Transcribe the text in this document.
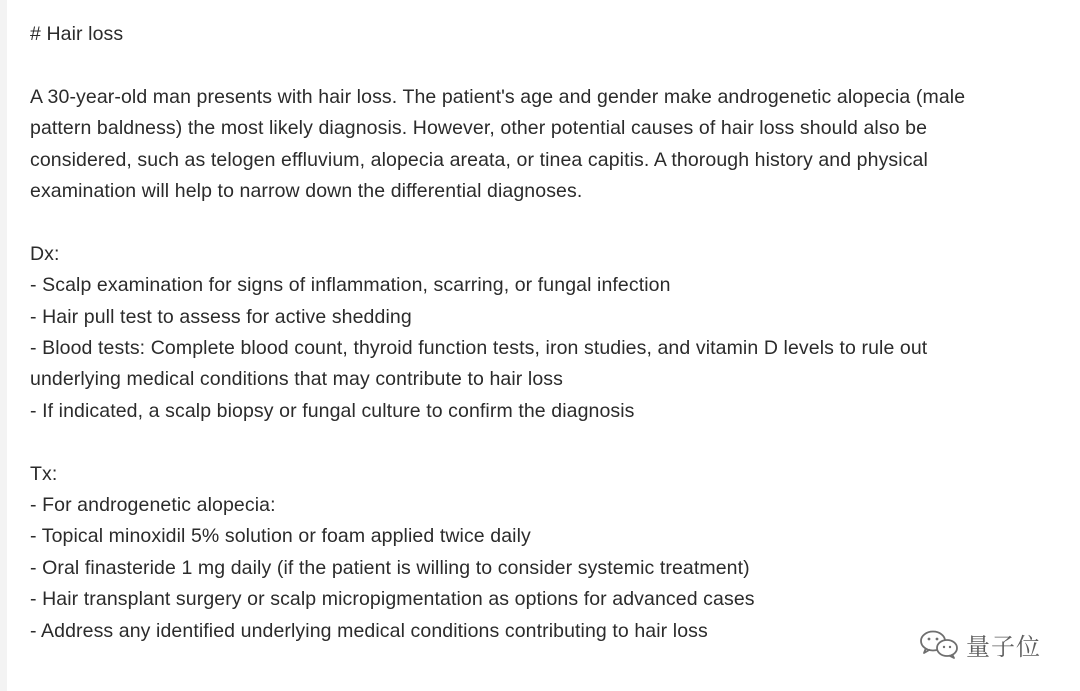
# Hair loss
A 30-year-old man presents with hair loss. The patient's age and gender make androgenetic alopecia (male
pattern baldness) the most likely diagnosis. However, other potential causes of hair loss should also be
considered, such as telogen effluvium, alopecia areata, or tinea capitis. A thorough history and physical
examination will help to narrow down the differential diagnoses.
Dx:
- Scalp examination for signs of inflammation, scarring, or fungal infection
- Hair pull test to assess for active shedding
- Blood tests: Complete blood count, thyroid function tests, iron studies, and vitamin D levels to rule out
underlying medical conditions that may contribute to hair loss
- If indicated, a scalp biopsy or fungal culture to confirm the diagnosis
Tx:
- For androgenetic alopecia:
- Topical minoxidil 5% solution or foam applied twice daily
- Oral finasteride 1 mg daily (if the patient is willing to consider systemic treatment)
- Hair transplant surgery or scalp micropigmentation as options for advanced cases
- Address any identified underlying medical conditions contributing to hair loss
量子位
